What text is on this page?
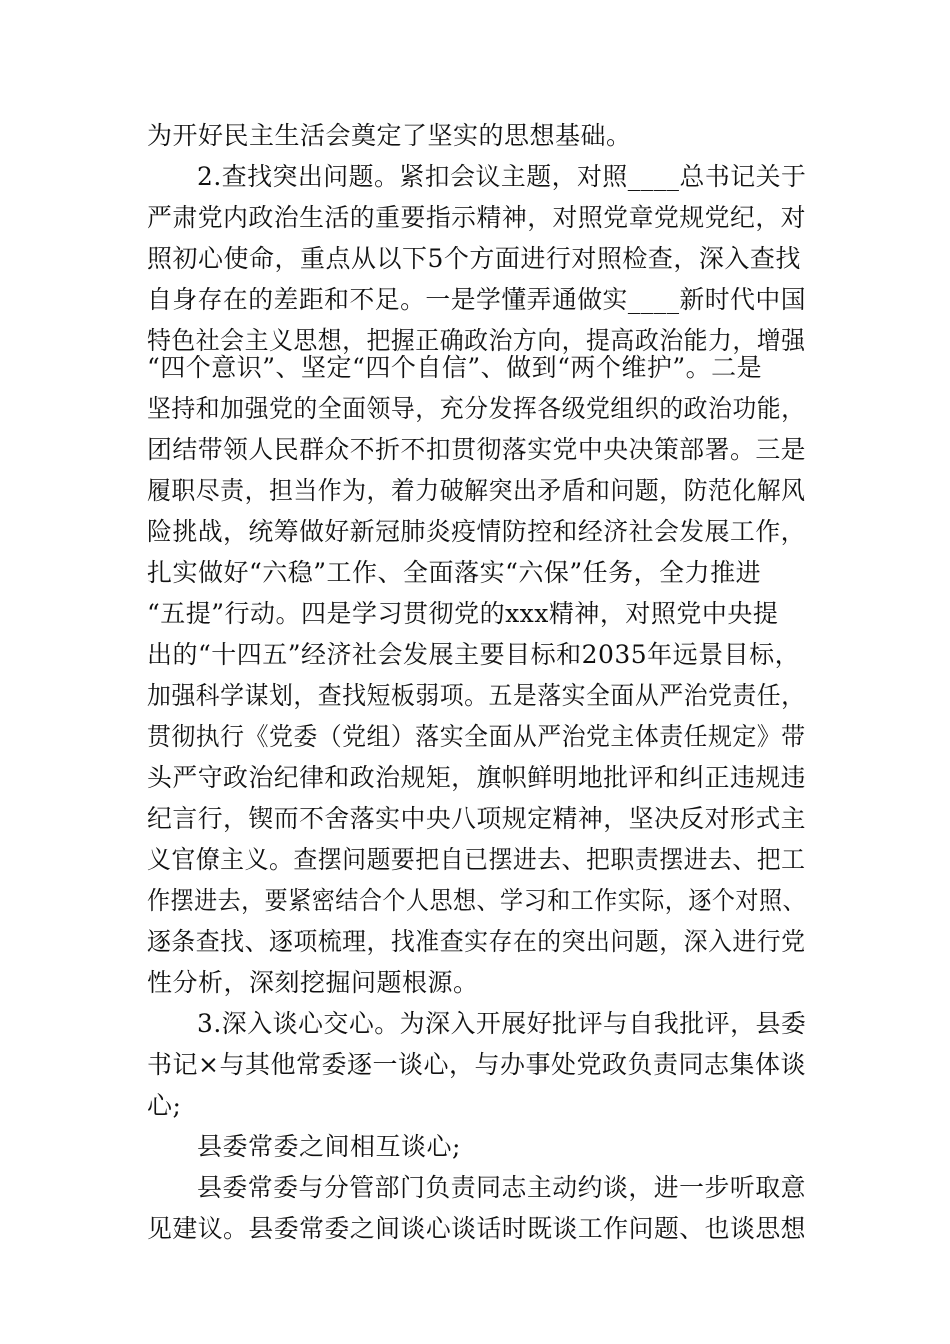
为开好民主生活会奠定了坚实的思想基础。
2.查找突出问题。紧扣会议主题，对照____总书记关于
严肃党内政治生活的重要指示精神，对照党章党规党纪，对
照初心使命，重点从以下5个方面进行对照检查，深入查找
自身存在的差距和不足。一是学懂弄通做实____新时代中国
特色社会主义思想，把握正确政治方向，提高政治能力，增强
“四个意识”、坚定“四个自信”、做到“两个维护”。二是
坚持和加强党的全面领导，充分发挥各级党组织的政治功能，
团结带领人民群众不折不扣贯彻落实党中央决策部署。三是
履职尽责，担当作为，着力破解突出矛盾和问题，防范化解风
险挑战，统筹做好新冠肺炎疫情防控和经济社会发展工作，
扎实做好“六稳”工作、全面落实“六保”任务，全力推进
“五提”行动。四是学习贯彻党的xxx精神，对照党中央提
出的“十四五”经济社会发展主要目标和2035年远景目标，
加强科学谋划，查找短板弱项。五是落实全面从严治党责任，
贯彻执行《党委（党组）落实全面从严治党主体责任规定》带
头严守政治纪律和政治规矩，旗帜鲜明地批评和纠正违规违
纪言行，锲而不舍落实中央八项规定精神，坚决反对形式主
义官僚主义。查摆问题要把自已摆进去、把职责摆进去、把工
作摆进去，要紧密结合个人思想、学习和工作实际，逐个对照、
逐条查找、逐项梳理，找准查实存在的突出问题，深入进行党
性分析，深刻挖掘问题根源。
3.深入谈心交心。为深入开展好批评与自我批评，县委
书记×与其他常委逐一谈心，与办事处党政负责同志集体谈
心;
县委常委之间相互谈心;
县委常委与分管部门负责同志主动约谈，进一步听取意
见建议。县委常委之间谈心谈话时既谈工作问题、也谈思想
